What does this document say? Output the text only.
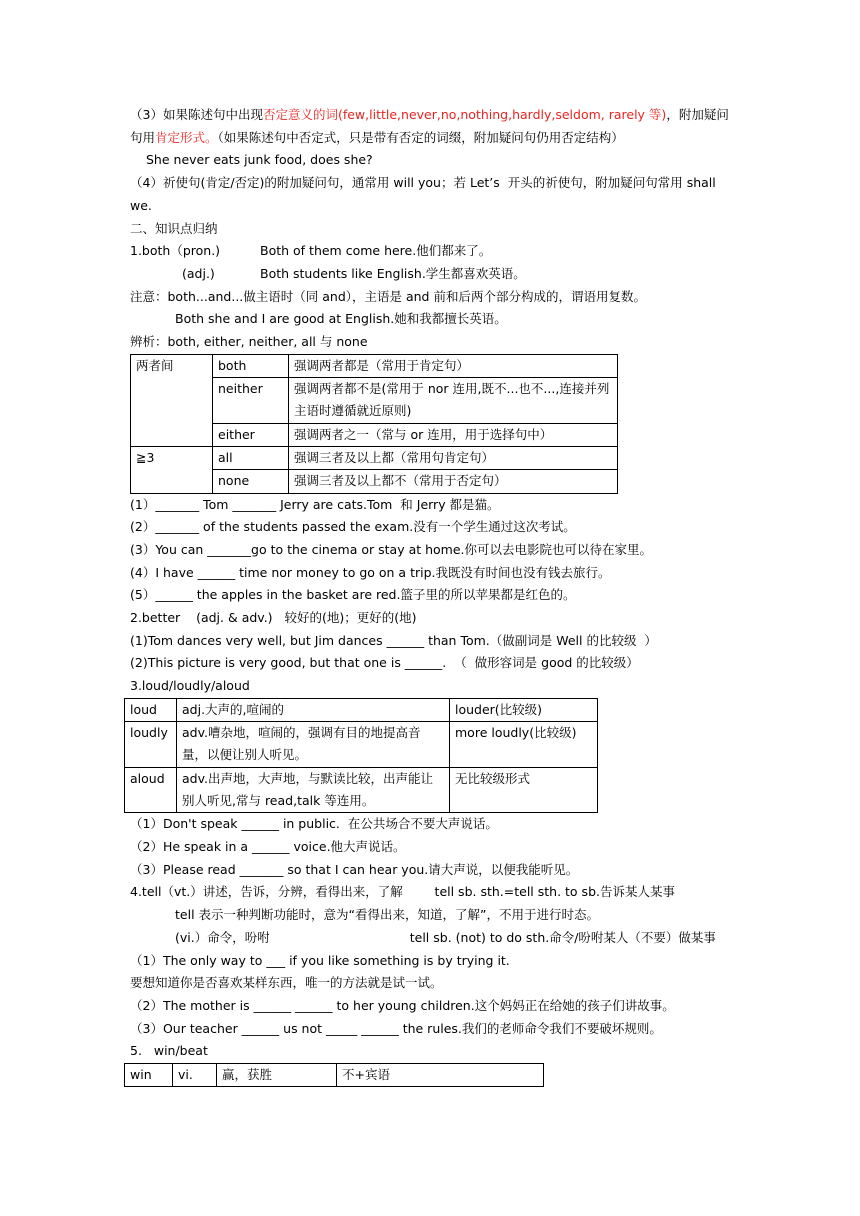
（3）如果陈述句中出现否定意义的词(few,little,never,no,nothing,hardly,seldom, rarely 等)，附加疑问句用肯定形式。（如果陈述句中否定式，只是带有否定的词缀，附加疑问句仍用否定结构）

She never eats junk food, does she?

（4）祈使句(肯定/否定)的附加疑问句，通常用 will you；若 Let’s  开头的祈使句，附加疑问句常用 shall we.

二、知识点归纳

1.both（pron.)	Both of them come here.他们都来了。
(adj.)	Both students like English.学生都喜欢英语。

注意：both...and...做主语时（同 and），主语是 and 前和后两个部分构成的，谓语用复数。

Both she and I are good at English.她和我都擅长英语。

辨析：both, either, neither, all 与 none

两者间	both	强调两者都是（常用于肯定句）
	neither	强调两者都不是(常用于 nor 连用,既不...也不...,连接并列主语时遵循就近原则)
	either	强调两者之一（常与 or 连用，用于选择句中）
≧3	all	强调三者及以上都（常用句肯定句）
	none	强调三者及以上都不（常用于否定句）

(1）_______ Tom _______ Jerry are cats.Tom  和 Jerry 都是猫。

(2）_______ of the students passed the exam.没有一个学生通过这次考试。

(3）You can _______go to the cinema or stay at home.你可以去电影院也可以待在家里。

(4）I have ______ time nor money to go on a trip.我既没有时间也没有钱去旅行。

(5）______ the apples in the basket are red.篮子里的所以苹果都是红色的。

2.better    (adj. & adv.)   较好的(地)；更好的(地)

(1)Tom dances very well, but Jim dances ______ than Tom.（做副词是 Well 的比较级  ）

(2)This picture is very good, but that one is ______.  （  做形容词是 good 的比较级）

3.loud/loudly/aloud

loud	adj.大声的,喧闹的	louder(比较级)
loudly	adv.嘈杂地，喧闹的，强调有目的地提高音量，以便让别人听见。	more loudly(比较级)
aloud	adv.出声地，大声地，与默读比较，出声能让别人听见,常与 read,talk 等连用。	无比较级形式

（1）Don't speak ______ in public.  在公共场合不要大声说话。

（2）He speak in a ______ voice.他大声说话。

（3）Please read _______ so that I can hear you.请大声说，以便我能听见。

4.tell（vt.）讲述，告诉，分辨，看得出来，了解	tell sb. sth.=tell sth. to sb.告诉某人某事

tell 表示一种判断功能时，意为“看得出来，知道，了解”，不用于进行时态。

(vi.）命令，吩咐	tell sb. (not) to do sth.命令/吩咐某人（不要）做某事

（1）The only way to ___ if you like something is by trying it.

要想知道你是否喜欢某样东西，唯一的方法就是试一试。

（2）The mother is ______ ______ to her young children.这个妈妈正在给她的孩子们讲故事。

（3）Our teacher ______ us not _____ ______ the rules.我们的老师命令我们不要破坏规则。

5.   win/beat

win	vi.	赢，获胜	不+宾语
